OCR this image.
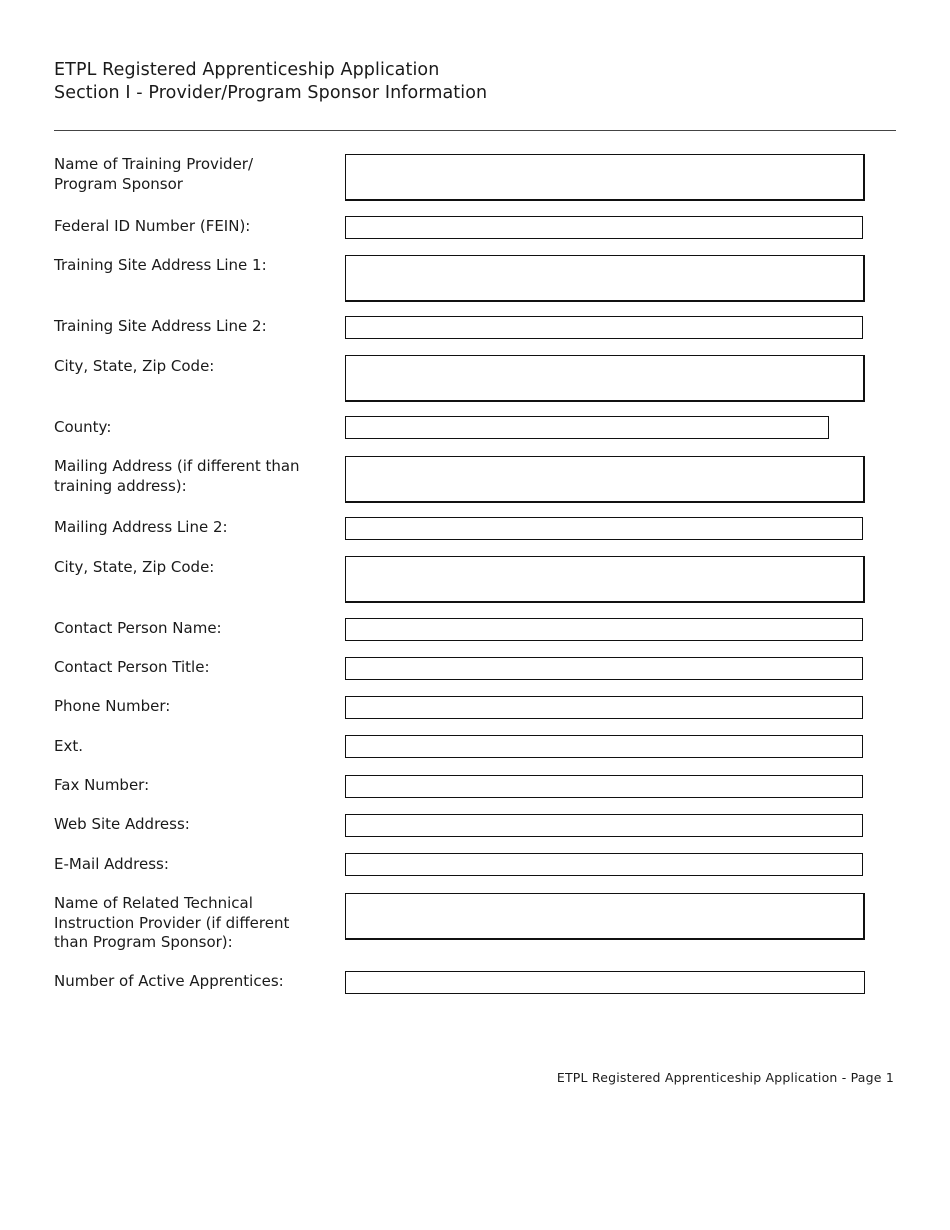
ETPL Registered Apprenticeship Application
Section I - Provider/Program Sponsor Information
Name of Training Provider/
Program Sponsor
Federal ID Number (FEIN):
Training Site Address Line 1:
Training Site Address Line 2:
City, State, Zip Code:
County:
Mailing Address (if different than
training address):
Mailing Address Line 2:
City, State, Zip Code:
Contact Person Name:
Contact Person Title:
Phone Number:
Ext.
Fax Number:
Web Site Address:
E-Mail Address:
Name of Related Technical
Instruction Provider (if different
than Program Sponsor):
Number of Active Apprentices:
ETPL Registered Apprenticeship Application - Page 1
